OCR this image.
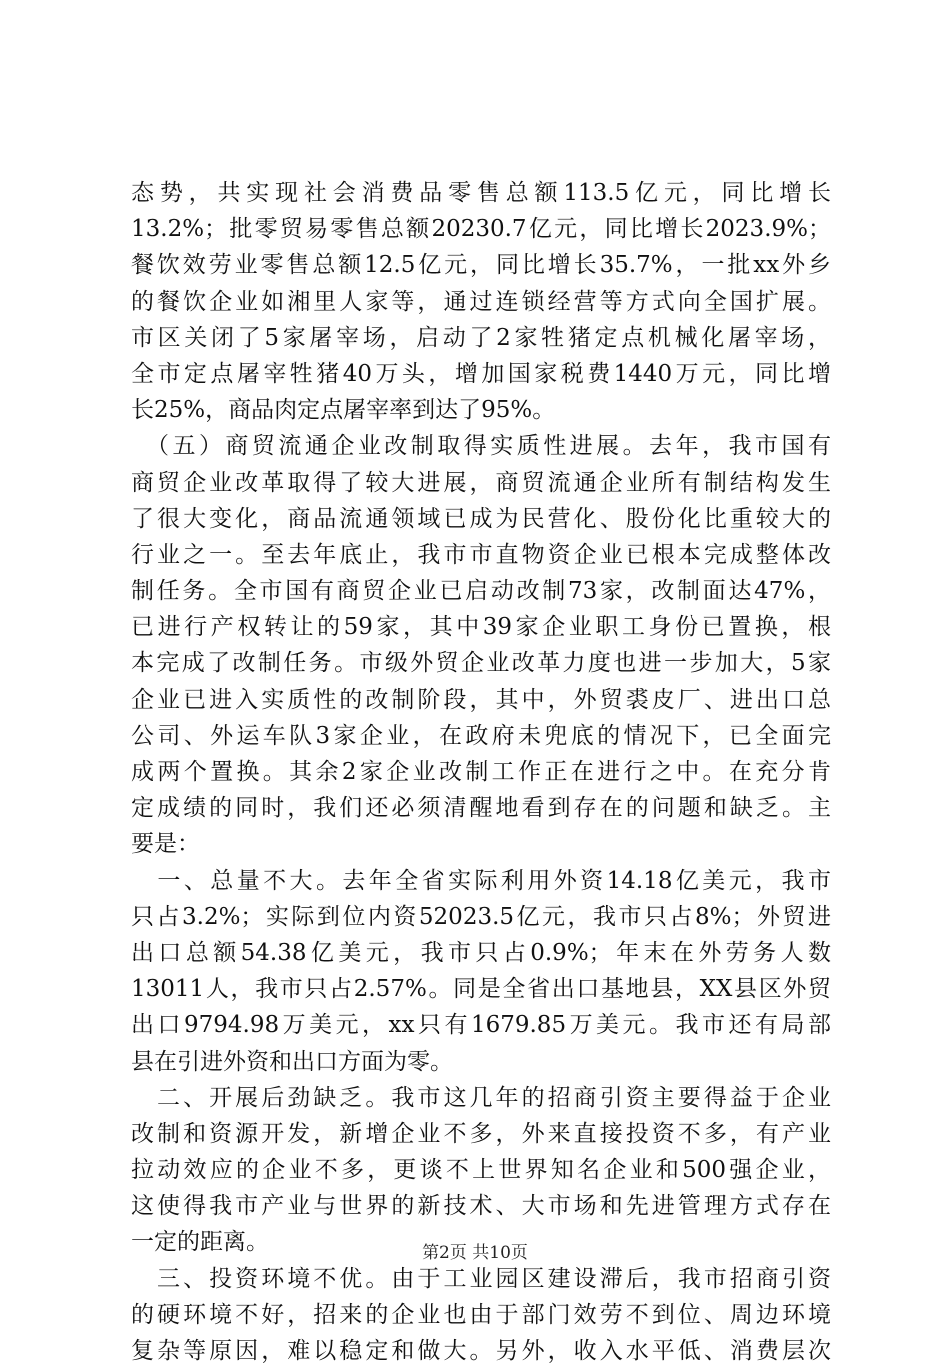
态势，共实现社会消费品零售总额113.5亿元，同比增长
13.2%；批零贸易零售总额20230.7亿元，同比增长2023.9%；
餐饮效劳业零售总额12.5亿元，同比增长35.7%，一批xx外乡
的餐饮企业如湘里人家等，通过连锁经营等方式向全国扩展。
市区关闭了5家屠宰场，启动了2家牲猪定点机械化屠宰场，
全市定点屠宰牲猪40万头，增加国家税费1440万元，同比增
长25%，商品肉定点屠宰率到达了95%。
　（五）商贸流通企业改制取得实质性进展。去年，我市国有
商贸企业改革取得了较大进展，商贸流通企业所有制结构发生
了很大变化，商品流通领域已成为民营化、股份化比重较大的
行业之一。至去年底止，我市市直物资企业已根本完成整体改
制任务。全市国有商贸企业已启动改制73家，改制面达47%，
已进行产权转让的59家，其中39家企业职工身份已置换，根
本完成了改制任务。市级外贸企业改革力度也进一步加大，5家
企业已进入实质性的改制阶段，其中，外贸裘皮厂、进出口总
公司、外运车队3家企业，在政府未兜底的情况下，已全面完
成两个置换。其余2家企业改制工作正在进行之中。在充分肯
定成绩的同时，我们还必须清醒地看到存在的问题和缺乏。主
要是：
　一、总量不大。去年全省实际利用外资14.18亿美元，我市
只占3.2%；实际到位内资52023.5亿元，我市只占8%；外贸进
出口总额54.38亿美元，我市只占0.9%；年末在外劳务人数
13011人，我市只占2.57%。同是全省出口基地县，XX县区外贸
出口9794.98万美元，xx只有1679.85万美元。我市还有局部
县在引进外资和出口方面为零。
　二、开展后劲缺乏。我市这几年的招商引资主要得益于企业
改制和资源开发，新增企业不多，外来直接投资不多，有产业
拉动效应的企业不多，更谈不上世界知名企业和500强企业，
这使得我市产业与世界的新技术、大市场和先进管理方式存在
一定的距离。
　三、投资环境不优。由于工业园区建设滞后，我市招商引资
的硬环境不好，招来的企业也由于部门效劳不到位、周边环境
复杂等原因，难以稳定和做大。另外，收入水平低、消费层次
第2页 共10页
